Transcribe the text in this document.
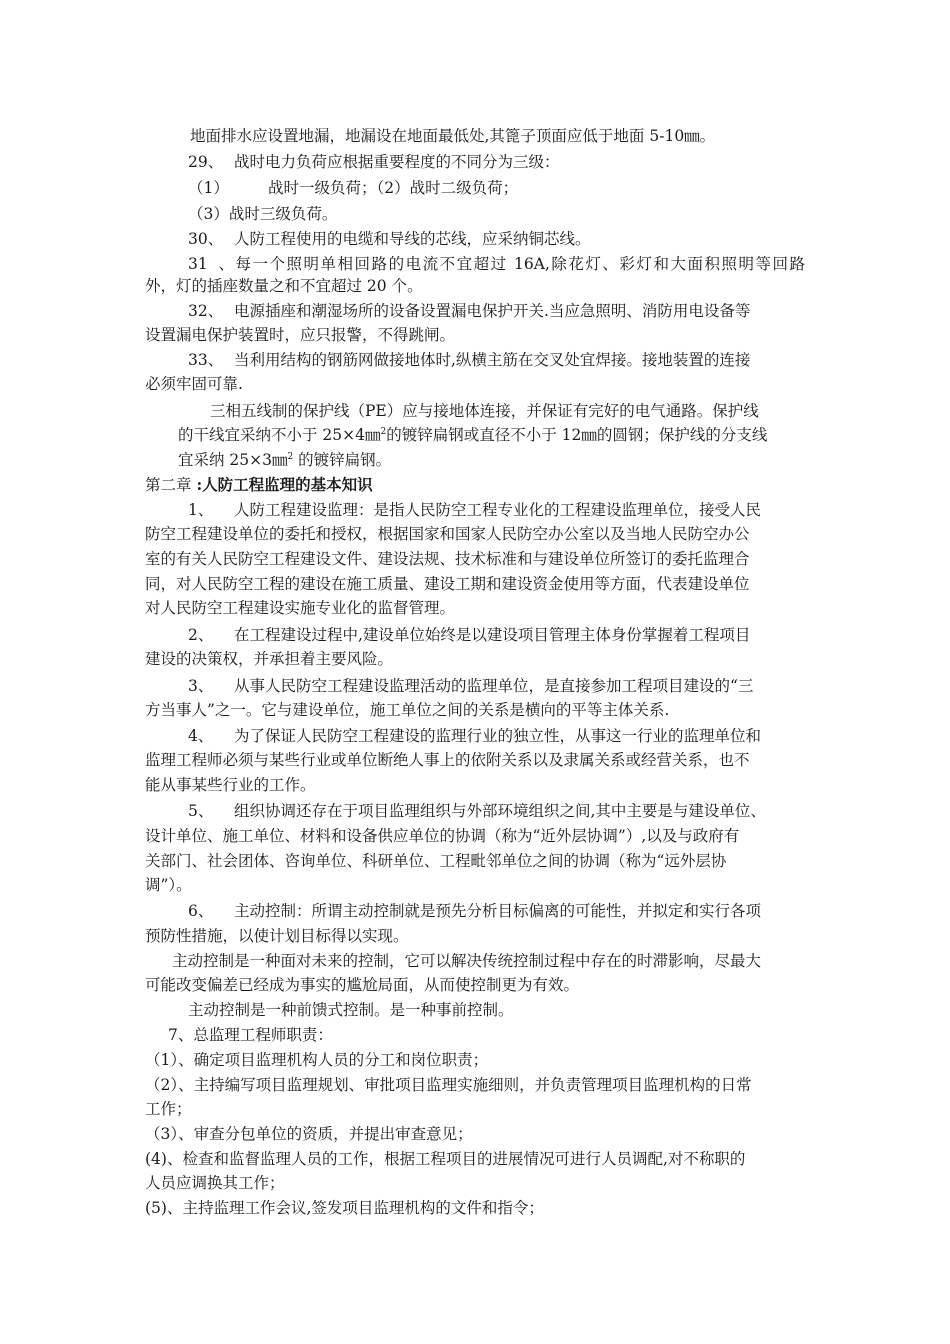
地面排水应设置地漏，地漏设在地面最低处,其篦子顶面应低于地面 5-10㎜。

29、 战时电力负荷应根据重要程度的不同分为三级：

（1）	战时一级负荷；（2）战时二级负荷；

（3）战时三级负荷。

30、 人防工程使用的电缆和导线的芯线，应采纳铜芯线。

31、每一个照明单相回路的电流不宜超过 16A,除花灯、彩灯和大面积照明等回路

外，灯的插座数量之和不宜超过 20 个。

32、 电源插座和潮湿场所的设备设置漏电保护开关.当应急照明、消防用电设备等

设置漏电保护装置时，应只报警，不得跳闸。

33、 当利用结构的钢筋网做接地体时,纵横主筋在交叉处宜焊接。接地装置的连接

必须牢固可靠.

三相五线制的保护线（PE）应与接地体连接，并保证有完好的电气通路。保护线

的干线宜采纳不小于 25×4㎜$^2$的镀锌扁钢或直径不小于 12㎜的圆钢；保护线的分支线

宜采纳 25×3㎜$^2$ 的镀锌扁钢。

第二章 :人防工程监理的基本知识

1、 人防工程建设监理：是指人民防空工程专业化的工程建设监理单位，接受人民

防空工程建设单位的委托和授权，根据国家和国家人民防空办公室以及当地人民防空办公

室的有关人民防空工程建设文件、建设法规、技术标准和与建设单位所签订的委托监理合

同，对人民防空工程的建设在施工质量、建设工期和建设资金使用等方面，代表建设单位

对人民防空工程建设实施专业化的监督管理。

2、 在工程建设过程中,建设单位始终是以建设项目管理主体身份掌握着工程项目

建设的决策权，并承担着主要风险。

3、 从事人民防空工程建设监理活动的监理单位，是直接参加工程项目建设的“三

方当事人”之一。它与建设单位，施工单位之间的关系是横向的平等主体关系.

4、 为了保证人民防空工程建设的监理行业的独立性，从事这一行业的监理单位和

监理工程师必须与某些行业或单位断绝人事上的依附关系以及隶属关系或经营关系，也不

能从事某些行业的工作。

5、 组织协调还存在于项目监理组织与外部环境组织之间,其中主要是与建设单位、

设计单位、施工单位、材料和设备供应单位的协调（称为“近外层协调”）,以及与政府有

关部门、社会团体、咨询单位、科研单位、工程毗邻单位之间的协调（称为“远外层协

调”）。

6、 主动控制：所谓主动控制就是预先分析目标偏离的可能性，并拟定和实行各项

预防性措施，以使计划目标得以实现。

主动控制是一种面对未来的控制，它可以解决传统控制过程中存在的时滞影响，尽最大

可能改变偏差已经成为事实的尴尬局面，从而使控制更为有效。

主动控制是一种前馈式控制。是一种事前控制。

7、总监理工程师职责：

（1）、确定项目监理机构人员的分工和岗位职责；

（2）、主持编写项目监理规划、审批项目监理实施细则，并负责管理项目监理机构的日常

工作；

（3）、审查分包单位的资质，并提出审查意见；

(4)、检查和监督监理人员的工作，根据工程项目的进展情况可进行人员调配,对不称职的

人员应调换其工作；

(5)、主持监理工作会议,签发项目监理机构的文件和指令；
